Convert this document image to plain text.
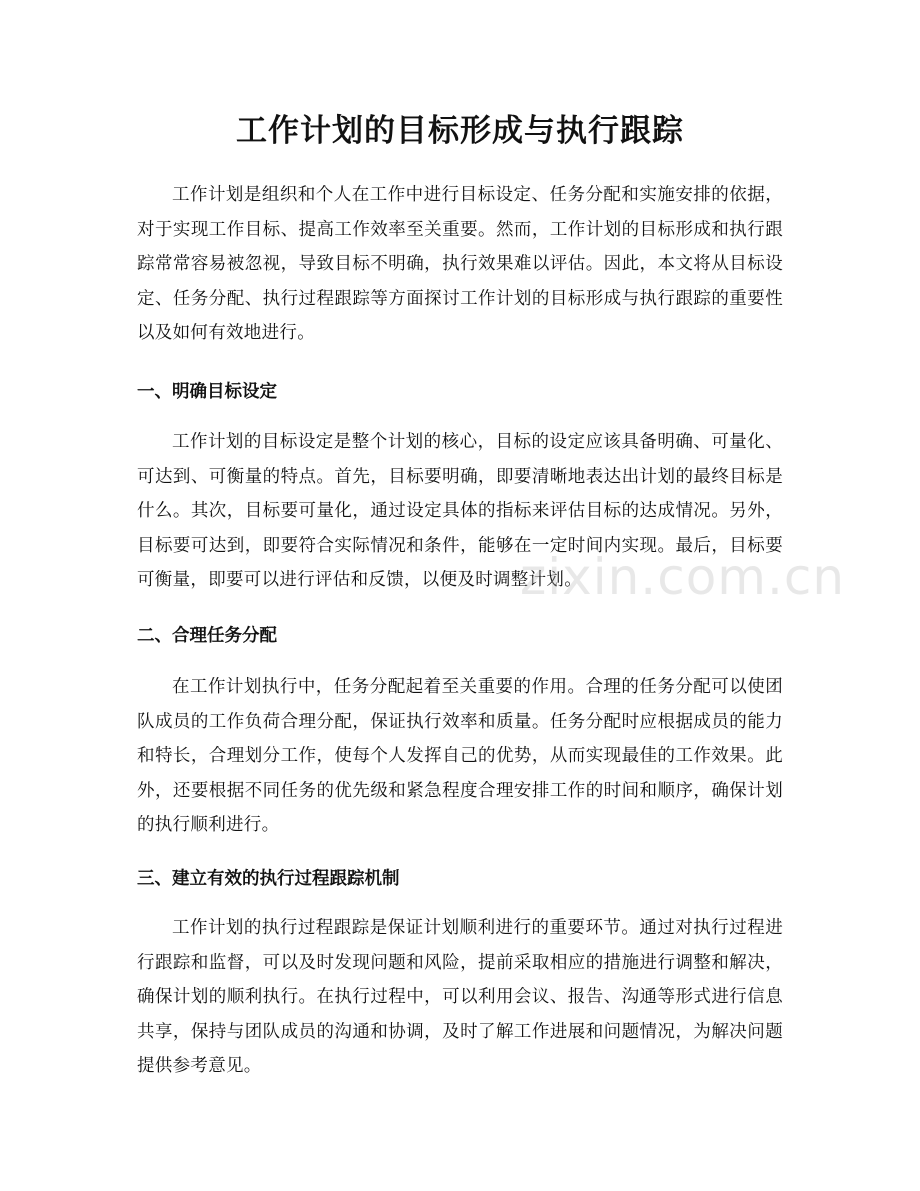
工作计划的目标形成与执行跟踪

工作计划是组织和个人在工作中进行目标设定、任务分配和实施安排的依据，对于实现工作目标、提高工作效率至关重要。然而，工作计划的目标形成和执行跟踪常常容易被忽视，导致目标不明确，执行效果难以评估。因此，本文将从目标设定、任务分配、执行过程跟踪等方面探讨工作计划的目标形成与执行跟踪的重要性以及如何有效地进行。

一、明确目标设定

工作计划的目标设定是整个计划的核心，目标的设定应该具备明确、可量化、可达到、可衡量的特点。首先，目标要明确，即要清晰地表达出计划的最终目标是什么。其次，目标要可量化，通过设定具体的指标来评估目标的达成情况。另外，目标要可达到，即要符合实际情况和条件，能够在一定时间内实现。最后，目标要可衡量，即要可以进行评估和反馈，以便及时调整计划。

二、合理任务分配

在工作计划执行中，任务分配起着至关重要的作用。合理的任务分配可以使团队成员的工作负荷合理分配，保证执行效率和质量。任务分配时应根据成员的能力和特长，合理划分工作，使每个人发挥自己的优势，从而实现最佳的工作效果。此外，还要根据不同任务的优先级和紧急程度合理安排工作的时间和顺序，确保计划的执行顺利进行。

三、建立有效的执行过程跟踪机制

工作计划的执行过程跟踪是保证计划顺利进行的重要环节。通过对执行过程进行跟踪和监督，可以及时发现问题和风险，提前采取相应的措施进行调整和解决，确保计划的顺利执行。在执行过程中，可以利用会议、报告、沟通等形式进行信息共享，保持与团队成员的沟通和协调，及时了解工作进展和问题情况，为解决问题提供参考意见。

zixin.com.cn
